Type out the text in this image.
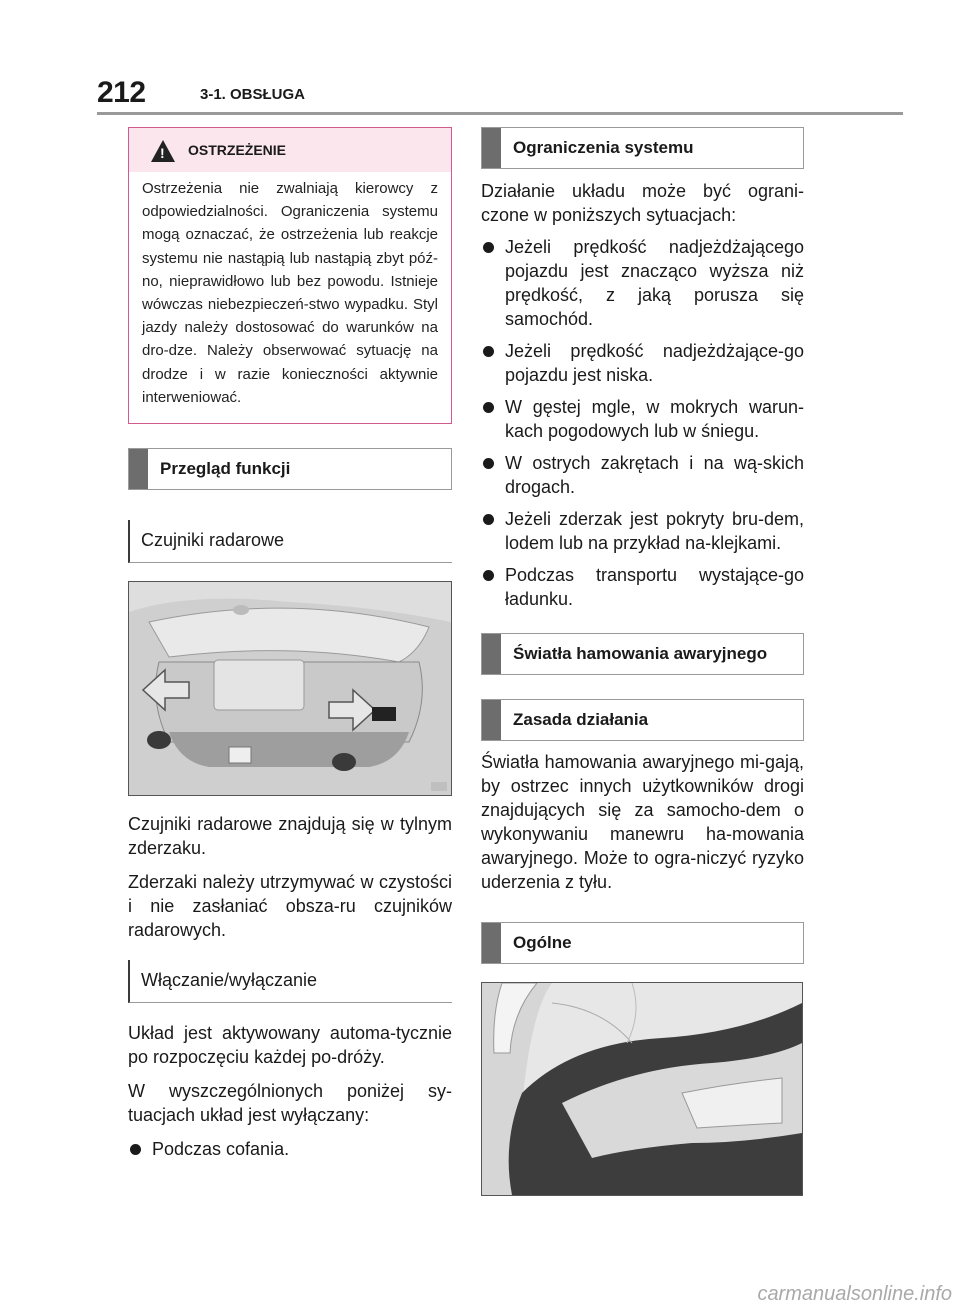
212	3-1. OBSŁUGA
!
OSTRZEŻENIE
Ostrzeżenia nie zwalniają kierowcy z odpowiedzialności. Ograniczenia systemu mogą oznaczać, że ostrzeżenia lub reakcje systemu nie nastąpią lub nastąpią zbyt póź-no, nieprawidłowo lub bez powodu. Istnieje wówczas niebezpieczeń-stwo wypadku. Styl jazdy należy dostosować do warunków na dro-dze. Należy obserwować sytuację na drodze i w razie konieczności aktywnie interweniować.
Przegląd funkcji
Czujniki radarowe

Czujniki radarowe znajdują się w tylnym zderzaku.

Zderzaki należy utrzymywać w czystości i nie zasłaniać obsza-ru czujników radarowych.

Włączanie/wyłączanie

Układ jest aktywowany automa-tycznie po rozpoczęciu każdej po-dróży.

W wyszczególnionych poniżej sy-tuacjach układ jest wyłączany:

Podczas cofania.
Ograniczenia systemu

Działanie układu może być ograni-czone w poniższych sytuacjach:

Jeżeli prędkość nadjeżdżającego pojazdu jest znacząco wyższa niż prędkość, z jaką porusza się samochód.
Jeżeli prędkość nadjeżdżające-go pojazdu jest niska.
W gęstej mgle, w mokrych warun-kach pogodowych lub w śniegu.
W ostrych zakrętach i na wą-skich drogach.
Jeżeli zderzak jest pokryty bru-dem, lodem lub na przykład na-klejkami.
Podczas transportu wystające-go ładunku.
Światła hamowania awaryjnego
Zasada działania

Światła hamowania awaryjnego mi-gają, by ostrzec innych użytkowników drogi znajdujących się za samocho-dem o wykonywaniu manewru ha-mowania awaryjnego. Może to ogra-niczyć ryzyko uderzenia z tyłu.

Ogólne
carmanualsonline.info
